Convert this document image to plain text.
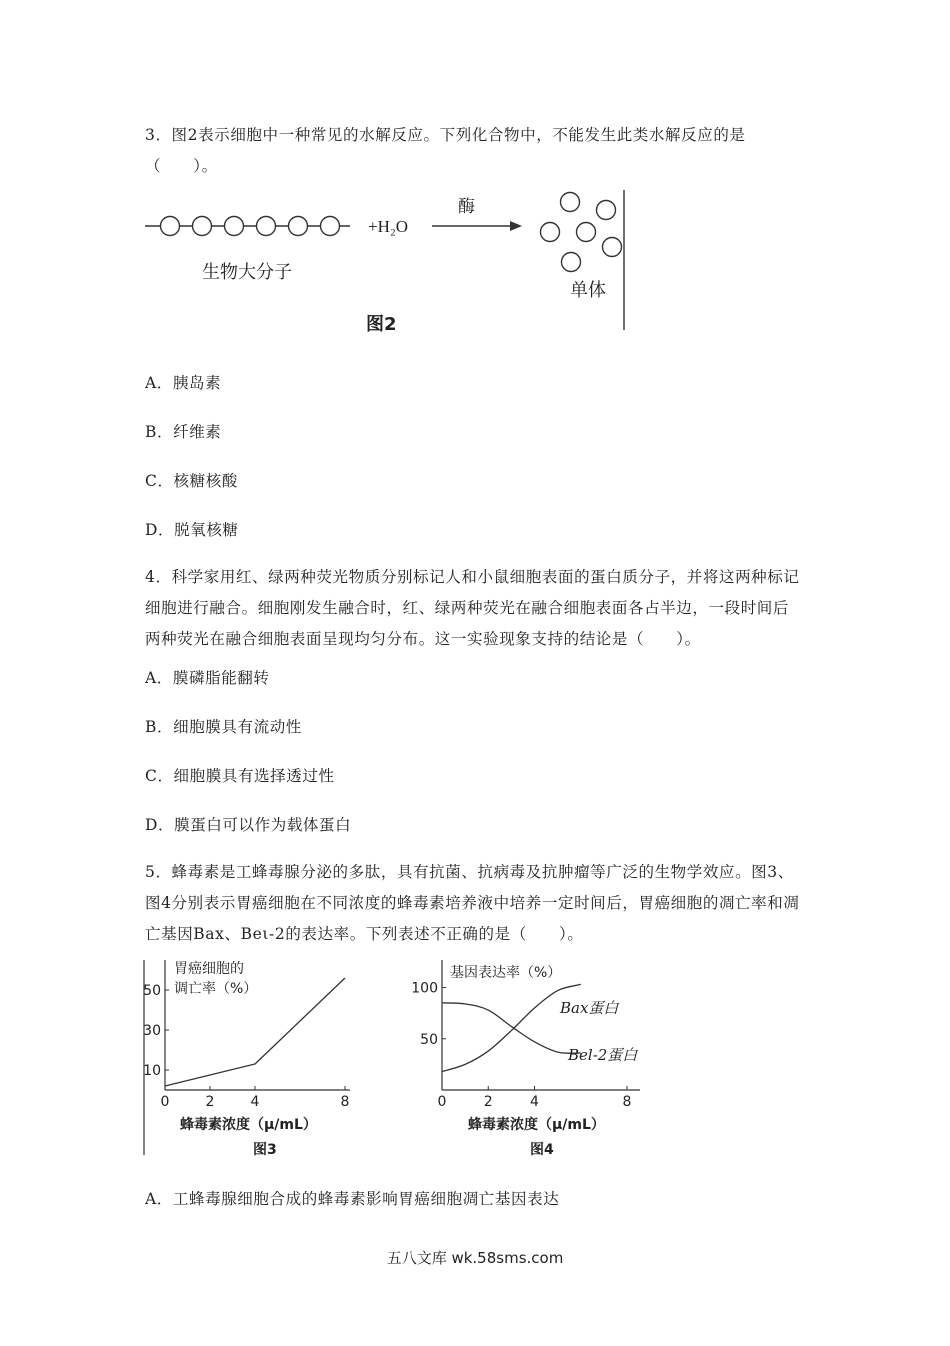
3．图2表示细胞中一种常见的水解反应。下列化合物中，不能发生此类水解反应的是（　　）。
+H₂O
酶
生物大分子
单体
图2
A．胰岛素
B．纤维素
C．核糖核酸
D．脱氧核糖
4．科学家用红、绿两种荧光物质分别标记人和小鼠细胞表面的蛋白质分子，并将这两种标记细胞进行融合。细胞刚发生融合时，红、绿两种荧光在融合细胞表面各占半边，一段时间后两种荧光在融合细胞表面呈现均匀分布。这一实验现象支持的结论是（　　）。
A．膜磷脂能翻转
B．细胞膜具有流动性
C．细胞膜具有选择透过性
D．膜蛋白可以作为载体蛋白
5．蜂毒素是工蜂毒腺分泌的多肽，具有抗菌、抗病毒及抗肿瘤等广泛的生物学效应。图3、图4分别表示胃癌细胞在不同浓度的蜂毒素培养液中培养一定时间后，胃癌细胞的凋亡率和凋亡基因Bax、Beι-2的表达率。下列表述不正确的是（　　）。
胃癌细胞的
调亡率（%）
蜂毒素浓度（μ/mL）
图3
0	2	4	8
10
30
50
基因表达率（%）
蜂毒素浓度（μ/mL）
图4
0	2	4	8
50
100
Bax蛋白
Bel-2蛋白
A．工蜂毒腺细胞合成的蜂毒素影响胃癌细胞凋亡基因表达
五八文库 wk.58sms.com
